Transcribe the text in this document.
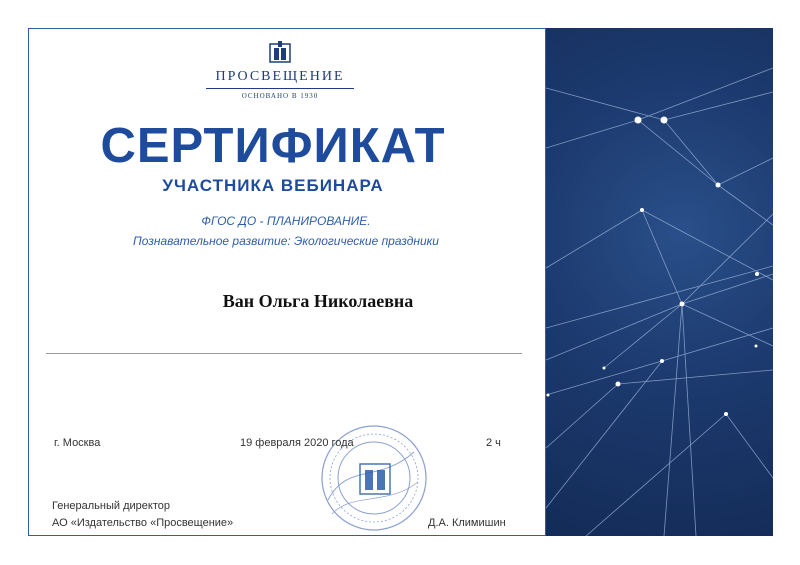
ПРОСВЕЩЕНИЕ
ОСНОВАНО В 1930
СЕРТИФИКАТ
УЧАСТНИКА ВЕБИНАРА
ФГОС ДО - ПЛАНИРОВАНИЕ.
Познавательное развитие: Экологические праздники
Ван Ольга Николаевна
г. Москва	19 февраля 2020 года	2 ч
Генеральный директор
АО «Издательство «Просвещение»	Д.А. Климишин
